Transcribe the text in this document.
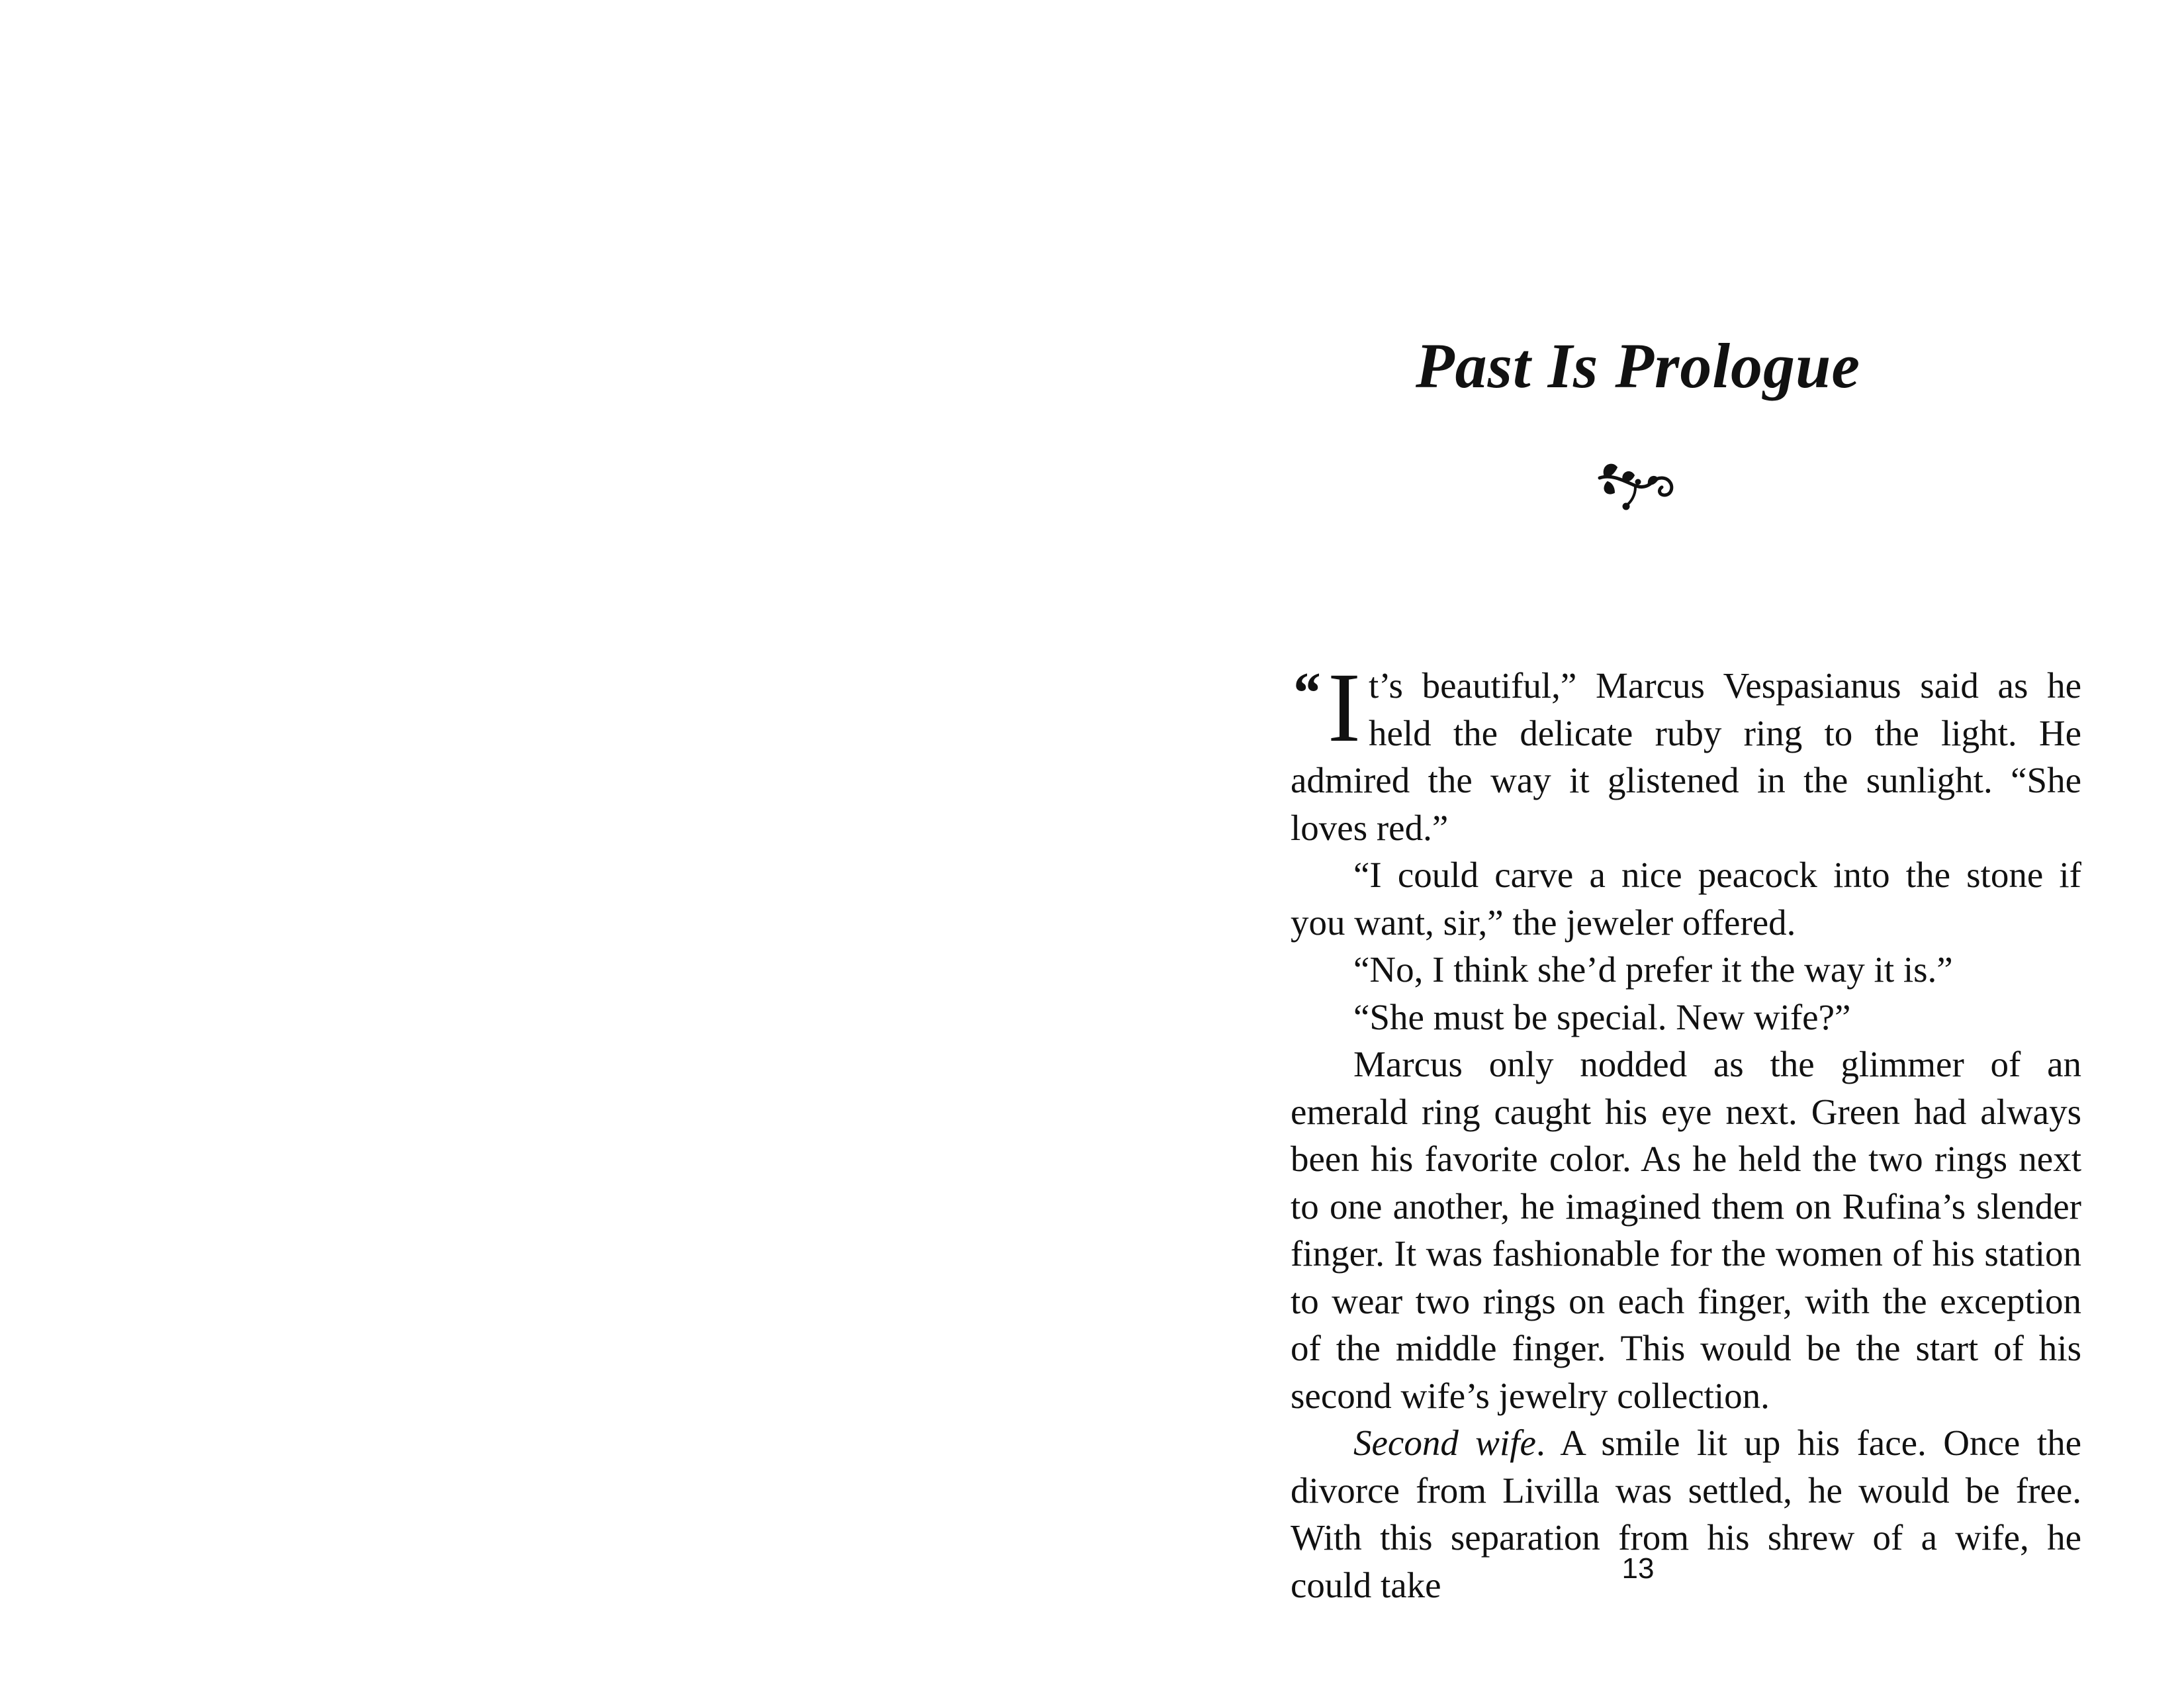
Past Is Prologue

“ I t’s beautiful,” Marcus Vespasianus said as he held the delicate ruby ring to the light. He admired the way it glistened in the sunlight. “She loves red.”

“I could carve a nice peacock into the stone if you want, sir,” the jeweler offered.

“No, I think she’d prefer it the way it is.”

“She must be special. New wife?”

Marcus only nodded as the glimmer of an emerald ring caught his eye next. Green had always been his favorite color. As he held the two rings next to one another, he imagined them on Rufina’s slender finger. It was fashionable for the women of his station to wear two rings on each finger, with the exception of the middle finger. This would be the start of his second wife’s jewelry collection.

Second wife. A smile lit up his face. Once the divorce from Livilla was settled, he would be free. With this separation from his shrew of a wife, he could take	13
